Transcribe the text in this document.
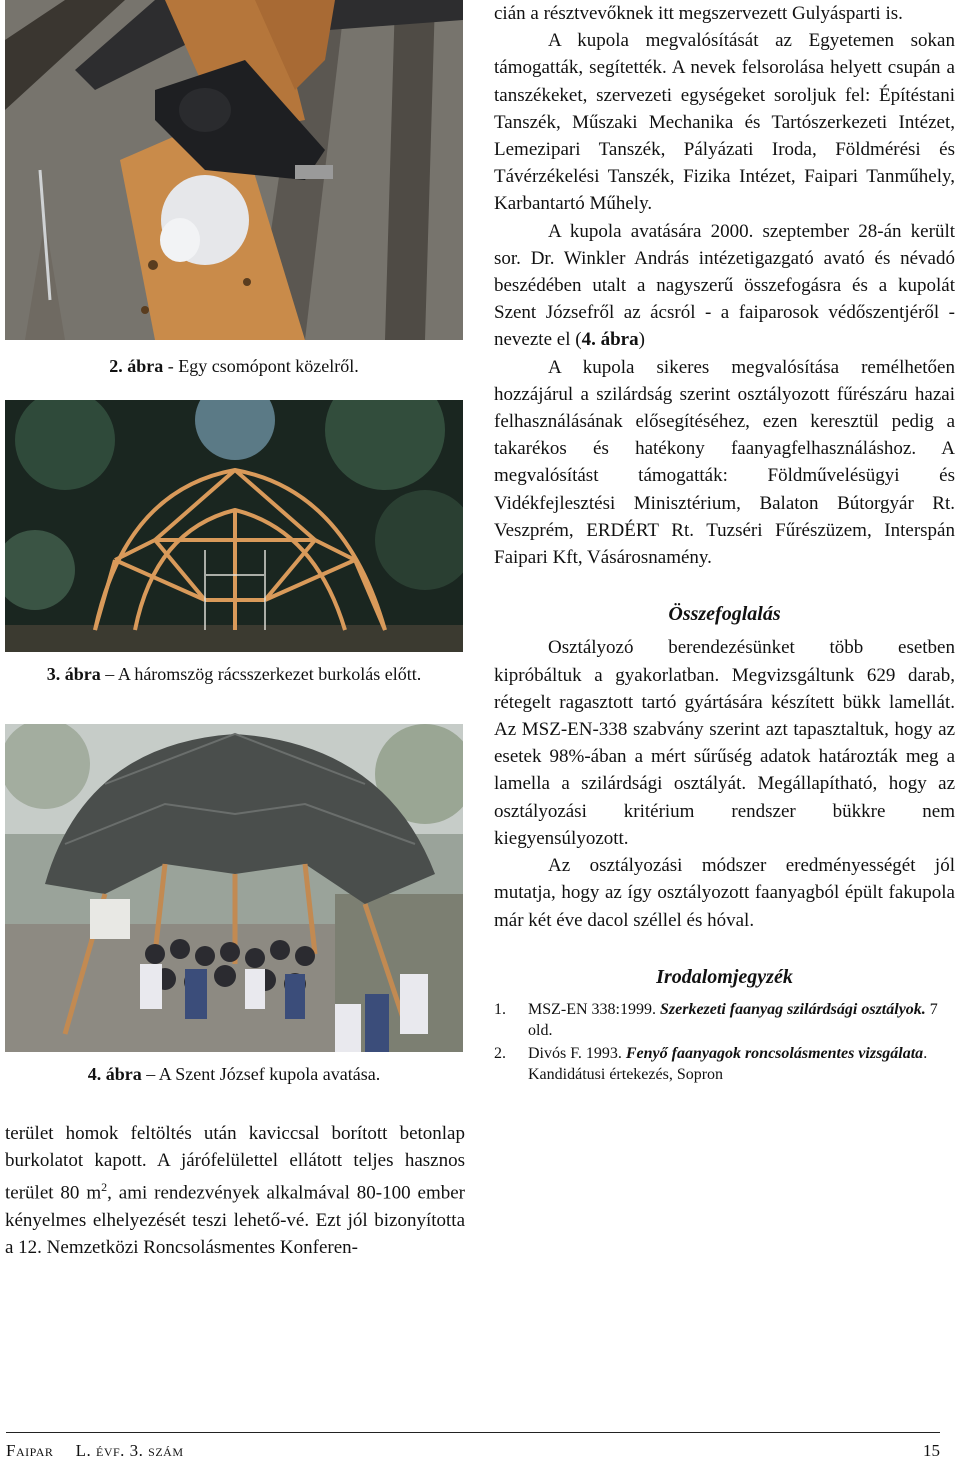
2. ábra - Egy csomópont közelről.
3. ábra – A háromszög rácsszerkezet burkolás előtt.
4. ábra – A Szent József kupola avatása.

terület homok feltöltés után kaviccsal borított betonlap burkolatot kapott. A járófelülettel ellátott teljes hasznos terület 80 $m^2$, ami rendezvények alkalmával 80-100 ember kényelmes elhelyezését teszi lehető-vé. Ezt jól bizonyította a 12. Nemzetközi Roncsolásmentes Konferen-

cián a résztvevőknek itt megszervezett Gulyásparti is.

A kupola megvalósítását az Egyetemen sokan támogatták, segítették. A nevek felsorolása helyett csupán a tanszékeket, szervezeti egységeket soroljuk fel: Építéstani Tanszék, Műszaki Mechanika és Tartószerkezeti Intézet, Lemezipari Tanszék, Pályázati Iroda, Földmérési és Távérzékelési Tanszék, Fizika Intézet, Faipari Tanműhely, Karbantartó Műhely.

A kupola avatására 2000. szeptember 28-án került sor. Dr. Winkler András intézetigazgató avató és névadó beszédében utalt a nagyszerű összefogásra és a kupolát Szent Józsefről az ácsról - a faiparosok védőszentjéről - nevezte el (4. ábra)

A kupola sikeres megvalósítása remélhetően hozzájárul a szilárdság szerint osztályozott fűrészáru hazai felhasználásának elősegítéséhez, ezen keresztül pedig a takarékos és hatékony faanyagfelhasználáshoz. A megvalósítást támogatták: Földművelésügyi és Vidékfejlesztési Minisztérium, Balaton Bútorgyár Rt. Veszprém, ERDÉRT Rt. Tuzséri Fűrészüzem, Interspán Faipari Kft, Vásárosnamény.

Összefoglalás

Osztályozó berendezésünket több esetben kipróbáltuk a gyakorlatban. Megvizsgáltunk 629 darab, rétegelt ragasztott tartó gyártására készített bükk lamellát. Az MSZ-EN-338 szabvány szerint azt tapasztaltuk, hogy az esetek 98%-ában a mért sűrűség adatok határozták meg a lamella a szilárdsági osztályát. Megállapítható, hogy az osztályozási kritérium rendszer bükkre nem kiegyensúlyozott.

Az osztályozási módszer eredményességét jól mutatja, hogy az így osztályozott faanyagból épült fakupola már két éve dacol széllel és hóval.

Irodalomjegyzék
1.	MSZ-EN 338:1999. Szerkezeti faanyag szilárdsági osztályok. 7 old.
2.	Divós F. 1993. Fenyő faanyagok roncsolásmentes vizsgálata. Kandidátusi értekezés, Sopron
Faipar L. évf. 3. szám	15
